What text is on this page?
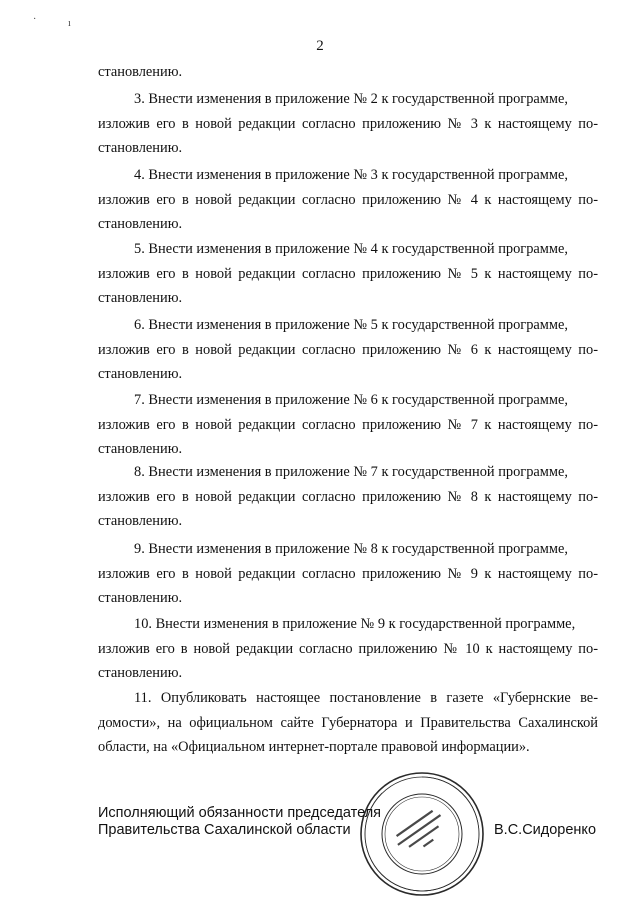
·	ı
2
становлению.
3. Внести изменения в приложение № 2 к государственной программе,
изложив его в новой редакции согласно приложению № 3 к настоящему по-
становлению.
4. Внести изменения в приложение № 3 к государственной программе,
изложив его в новой редакции согласно приложению № 4 к настоящему по-
становлению.
5. Внести изменения в приложение № 4 к государственной программе,
изложив его в новой редакции согласно приложению № 5 к настоящему по-
становлению.
6. Внести изменения в приложение № 5 к государственной программе,
изложив его в новой редакции согласно приложению № 6 к настоящему по-
становлению.
7. Внести изменения в приложение № 6 к государственной программе,
изложив его в новой редакции согласно приложению № 7 к настоящему по-
становлению.
8. Внести изменения в приложение № 7 к государственной программе,
изложив его в новой редакции согласно приложению № 8 к настоящему по-
становлению.
9. Внести изменения в приложение № 8 к государственной программе,
изложив его в новой редакции согласно приложению № 9 к настоящему по-
становлению.
10. Внести изменения в приложение № 9 к государственной программе,
изложив его в новой редакции согласно приложению № 10 к настоящему по-
становлению.
11. Опубликовать настоящее постановление в газете «Губернские ве-
домости», на официальном сайте Губернатора и Правительства Сахалинской
области, на «Официальном интернет-портале правовой информации».
Исполняющий обязанности председателя
Правительства Сахалинской области	В.С.Сидоренко
